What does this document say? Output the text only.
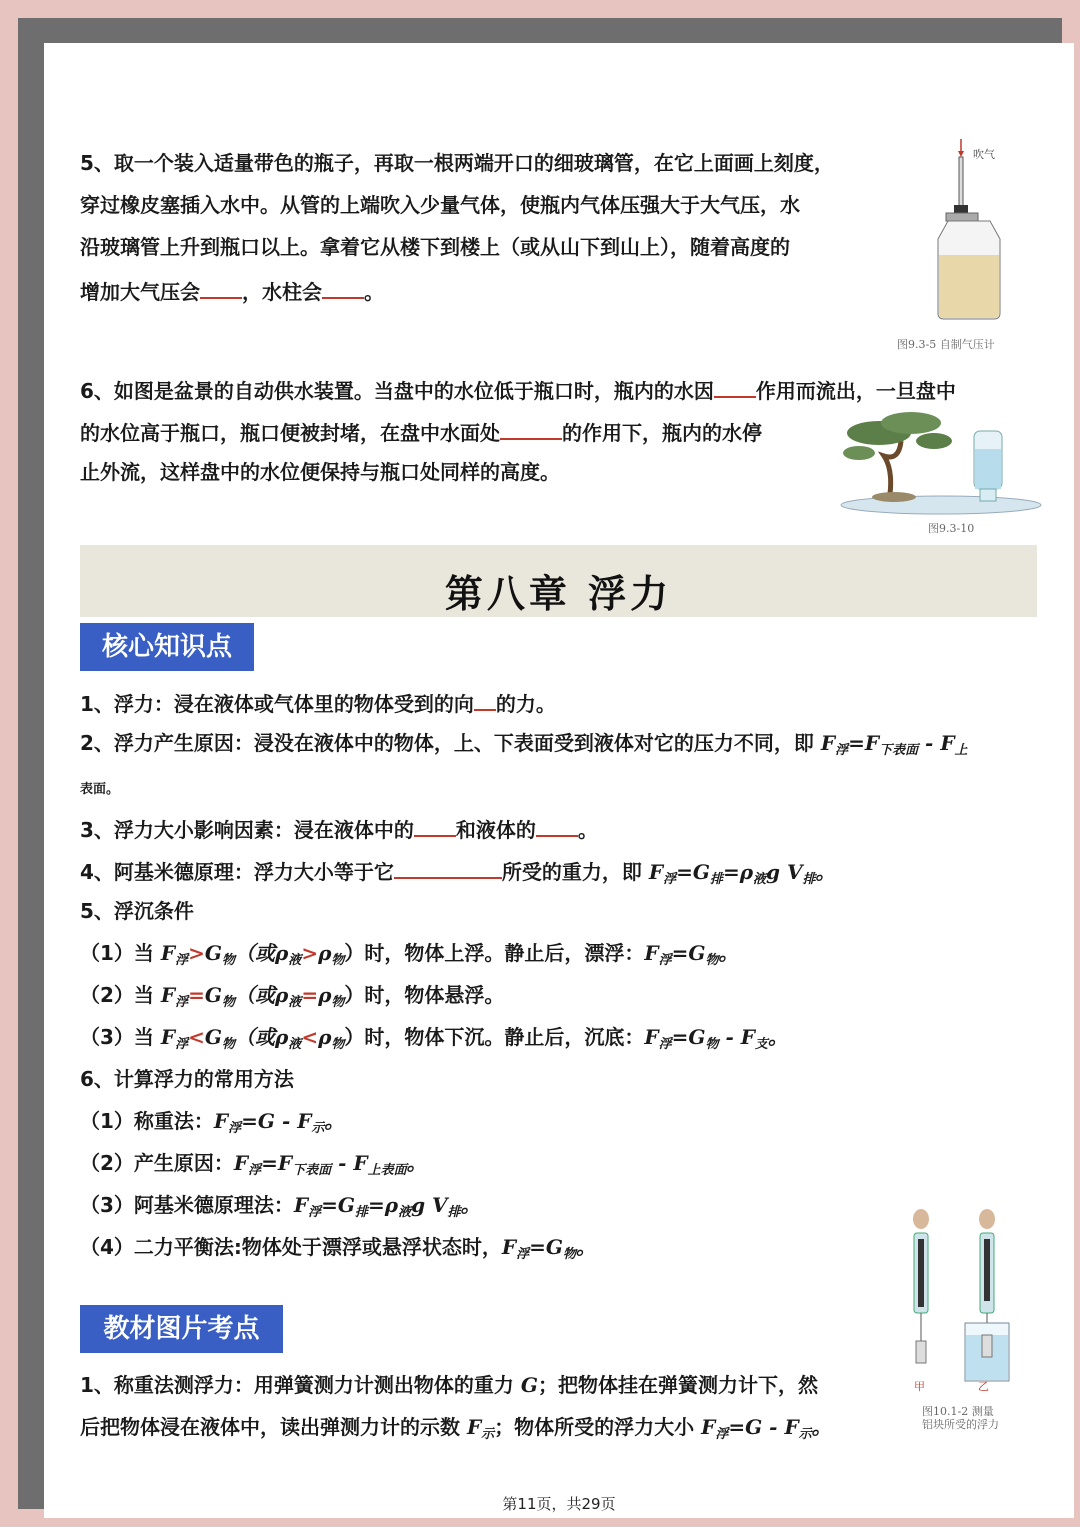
5、取一个装入适量带色的瓶子，再取一根两端开口的细玻璃管，在它上面画上刻度，
穿过橡皮塞插入水中。从管的上端吹入少量气体，使瓶内气体压强大于大气压，水
沿玻璃管上升到瓶口以上。拿着它从楼下到楼上（或从山下到山上），随着高度的
增加大气压会 ，水柱会 。
吹气
图9.3-5 自制气压计
6、如图是盆景的自动供水装置。当盘中的水位低于瓶口时，瓶内的水因 作用而流出，一旦盘中
的水位高于瓶口，瓶口便被封堵，在盘中水面处	的作用下，瓶内的水停
止外流，这样盘中的水位便保持与瓶口处同样的高度。
图9.3-10
第八章 浮力
核心知识点
1、浮力：浸在液体或气体里的物体受到的向 的力。
2、浮力产生原因：浸没在液体中的物体，上、下表面受到液体对它的压力不同，即 $F_浮=F_{下表面} - F_上$
表面。
3、浮力大小影响因素：浸在液体中的 和液体的 。
4、阿基米德原理：浮力大小等于它	所受的重力，即 $F_浮=G_排=\rho_液g$ $V_排$。
5、浮沉条件
（1）当 $F_浮>G_物$（或$\rho_液>\rho_物$）时，物体上浮。静止后，漂浮：$F_浮=G_物$。
（2）当 $F_浮=G_物$（或$\rho_液=\rho_物$）时，物体悬浮。
（3）当 $F_浮<G_物$（或$\rho_液<\rho_物$）时，物体下沉。静止后，沉底：$F_浮=G_物 - F_支$。
6、计算浮力的常用方法
（1）称重法：$F_浮=G - F_示$。
（2）产生原因：$F_浮=F_{下表面} - F_{上表面}$。
（3）阿基米德原理法：$F_浮=G_排=\rho_液g$ $V_排$。
（4）二力平衡法:物体处于漂浮或悬浮状态时，$F_浮=G_物$。
甲	乙
图10.1-2 测量
铝块所受的浮力
教材图片考点
1、称重法测浮力：用弹簧测力计测出物体的重力 G；把物体挂在弹簧测力计下，然
后把物体浸在液体中，读出弹测力计的示数 $F_示$；物体所受的浮力大小 $F_浮=G - F_示$。
第11页，共29页
